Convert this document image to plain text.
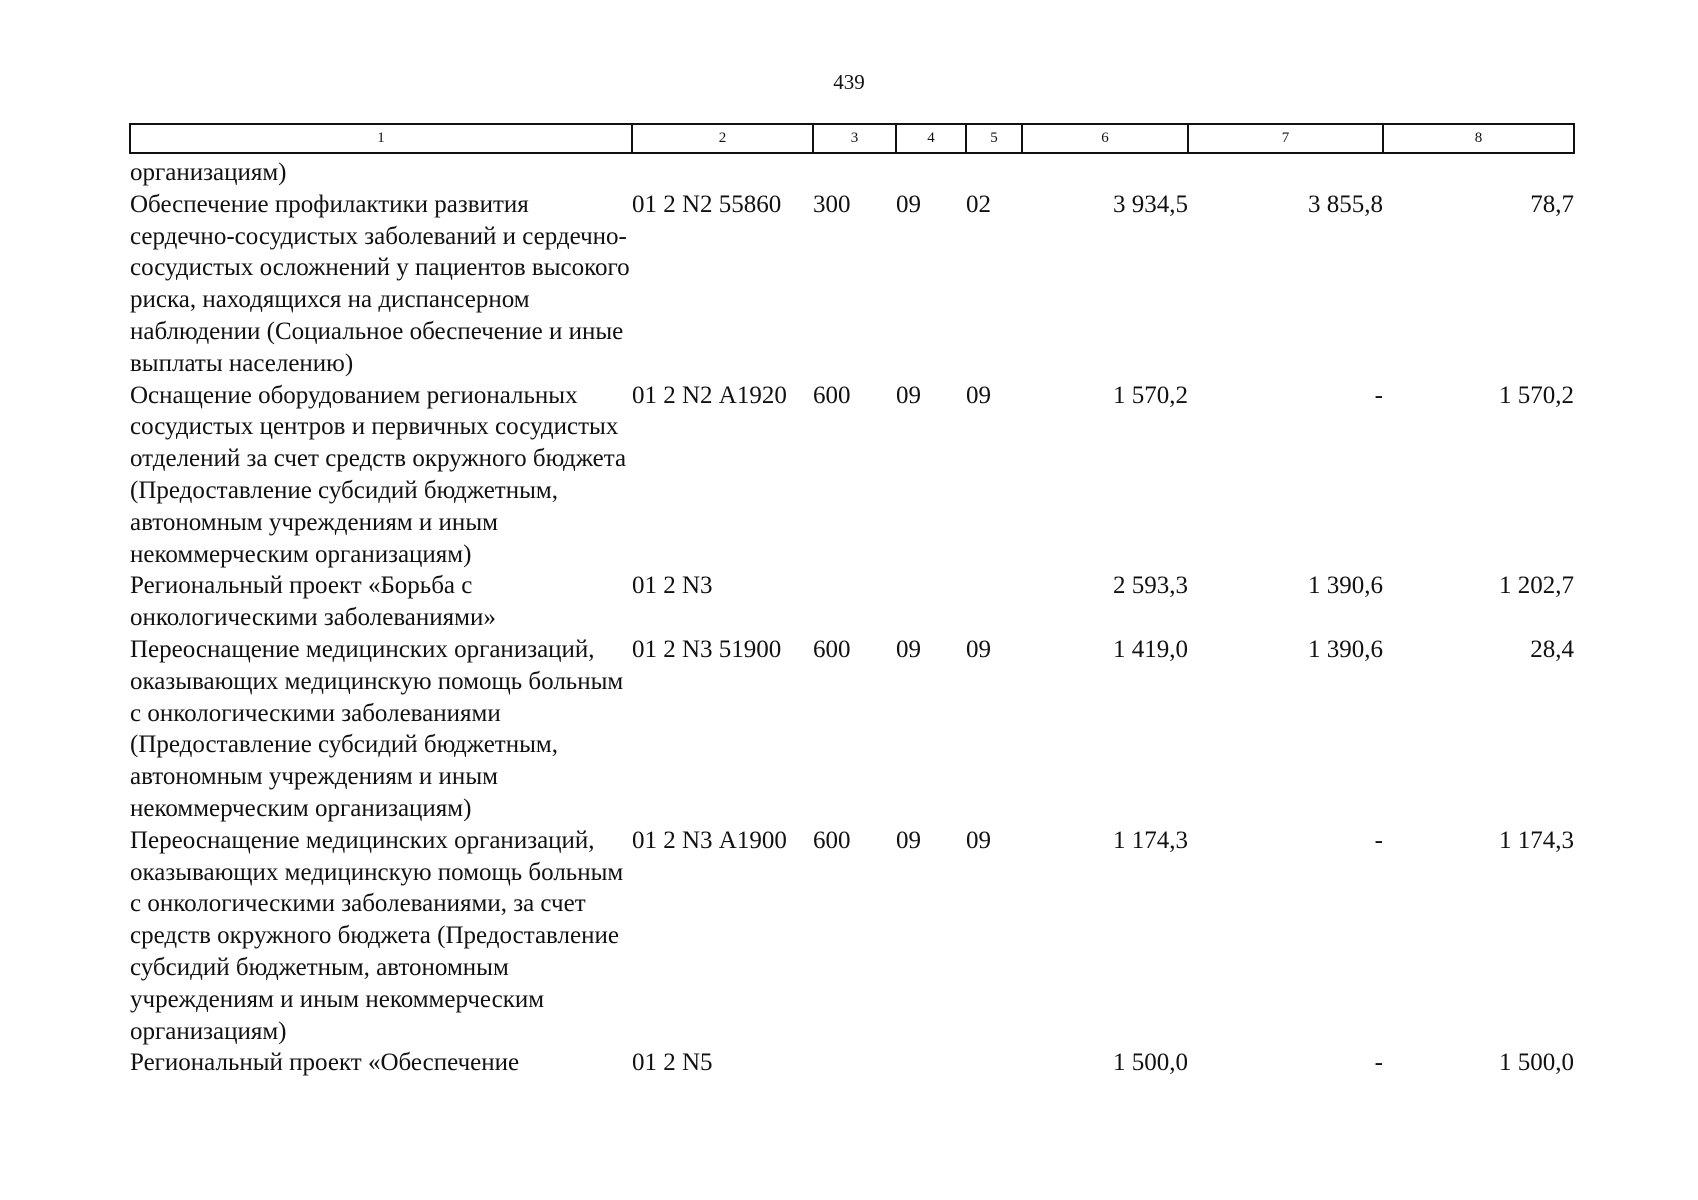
439
1	2	3	4	5	6	7	8
организациям)							
Обеспечение профилактики развития сердечно-сосудистых заболеваний и сердечно-сосудистых осложнений у пациентов высокого риска, находящихся на диспансерном наблюдении (Социальное обеспечение и иные выплаты населению)	01 2 N2 55860	300	09	02	3 934,5	3 855,8	78,7
Оснащение оборудованием региональных сосудистых центров и первичных сосудистых отделений за счет средств окружного бюджета (Предоставление субсидий бюджетным, автономным учреждениям и иным некоммерческим организациям)	01 2 N2 А1920	600	09	09	1 570,2	-	1 570,2
Региональный проект «Борьба с онкологическими заболеваниями»	01 2 N3				2 593,3	1 390,6	1 202,7
Переоснащение медицинских организаций, оказывающих медицинскую помощь больным с онкологическими заболеваниями (Предоставление субсидий бюджетным, автономным учреждениям и иным некоммерческим организациям)	01 2 N3 51900	600	09	09	1 419,0	1 390,6	28,4
Переоснащение медицинских организаций, оказывающих медицинскую помощь больным с онкологическими заболеваниями, за счет средств окружного бюджета (Предоставление субсидий бюджетным, автономным учреждениям и иным некоммерческим организациям)	01 2 N3 А1900	600	09	09	1 174,3	-	1 174,3
Региональный проект «Обеспечение	01 2 N5				1 500,0	-	1 500,0
